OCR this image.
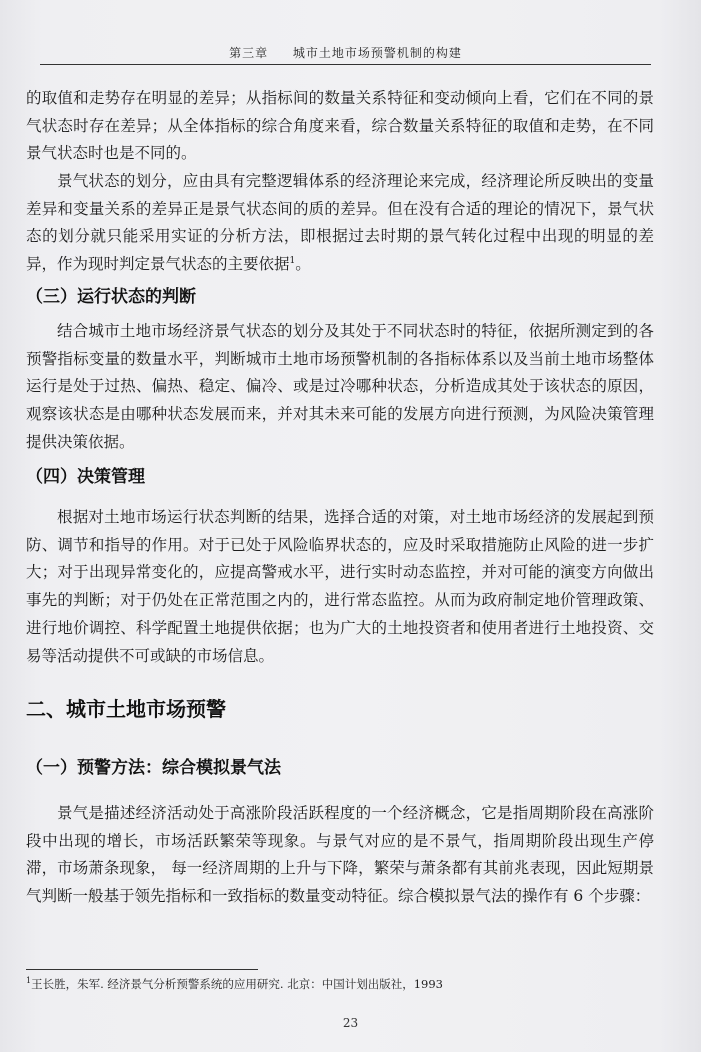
第三章 城市土地市场预警机制的构建

的取值和走势存在明显的差异；从指标间的数量关系特征和变动倾向上看，它们在不同的景气状态时存在差异；从全体指标的综合角度来看，综合数量关系特征的取值和走势，在不同景气状态时也是不同的。

景气状态的划分，应由具有完整逻辑体系的经济理论来完成，经济理论所反映出的变量差异和变量关系的差异正是景气状态间的质的差异。但在没有合适的理论的情况下，景气状态的划分就只能采用实证的分析方法，即根据过去时期的景气转化过程中出现的明显的差异，作为现时判定景气状态的主要依据$^1$。

（三）运行状态的判断

结合城市土地市场经济景气状态的划分及其处于不同状态时的特征，依据所测定到的各预警指标变量的数量水平，判断城市土地市场预警机制的各指标体系以及当前土地市场整体运行是处于过热、偏热、稳定、偏冷、或是过冷哪种状态，分析造成其处于该状态的原因，观察该状态是由哪种状态发展而来，并对其未来可能的发展方向进行预测，为风险决策管理提供决策依据。

（四）决策管理

根据对土地市场运行状态判断的结果，选择合适的对策，对土地市场经济的发展起到预防、调节和指导的作用。对于已处于风险临界状态的，应及时采取措施防止风险的进一步扩大；对于出现异常变化的，应提高警戒水平，进行实时动态监控，并对可能的演变方向做出事先的判断；对于仍处在正常范围之内的，进行常态监控。从而为政府制定地价管理政策、进行地价调控、科学配置土地提供依据；也为广大的土地投资者和使用者进行土地投资、交易等活动提供不可或缺的市场信息。

二、城市土地市场预警
（一）预警方法：综合模拟景气法

景气是描述经济活动处于高涨阶段活跃程度的一个经济概念，它是指周期阶段在高涨阶段中出现的增长，市场活跃繁荣等现象。与景气对应的是不景气，指周期阶段出现生产停滞，市场萧条现象， 每一经济周期的上升与下降，繁荣与萧条都有其前兆表现，因此短期景气判断一般基于领先指标和一致指标的数量变动特征。综合模拟景气法的操作有 6 个步骤：

$^1$王长胜，朱军. 经济景气分析预警系统的应用研究. 北京：中国计划出版社，1993
23
